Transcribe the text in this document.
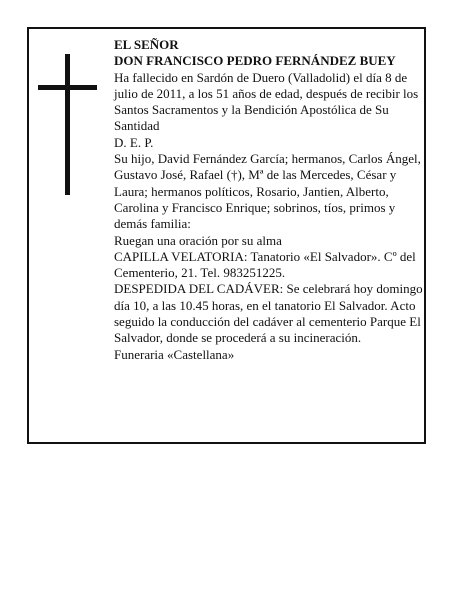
EL SEÑOR

DON FRANCISCO PEDRO FERNÁNDEZ BUEY

Ha fallecido en Sardón de Duero (Valladolid) el día 8 de julio de 2011, a los 51 años de edad, después de recibir los Santos Sacramentos y la Bendición Apostólica de Su Santidad

D. E. P.

Su hijo, David Fernández García; hermanos, Carlos Ángel, Gustavo José, Rafael (†), Mª de las Mercedes, César y Laura; hermanos políticos, Rosario, Jantien, Alberto, Carolina y Francisco Enrique; sobrinos, tíos, primos y demás familia:

Ruegan una oración por su alma

CAPILLA VELATORIA: Tanatorio «El Salvador». Cº del Cementerio, 21. Tel. 983251225.

DESPEDIDA DEL CADÁVER: Se celebrará hoy domingo día 10, a las 10.45 horas, en el tanatorio El Salvador. Acto seguido la conducción del cadáver al cementerio Parque El Salvador, donde se procederá a su incineración.

Funeraria «Castellana»
